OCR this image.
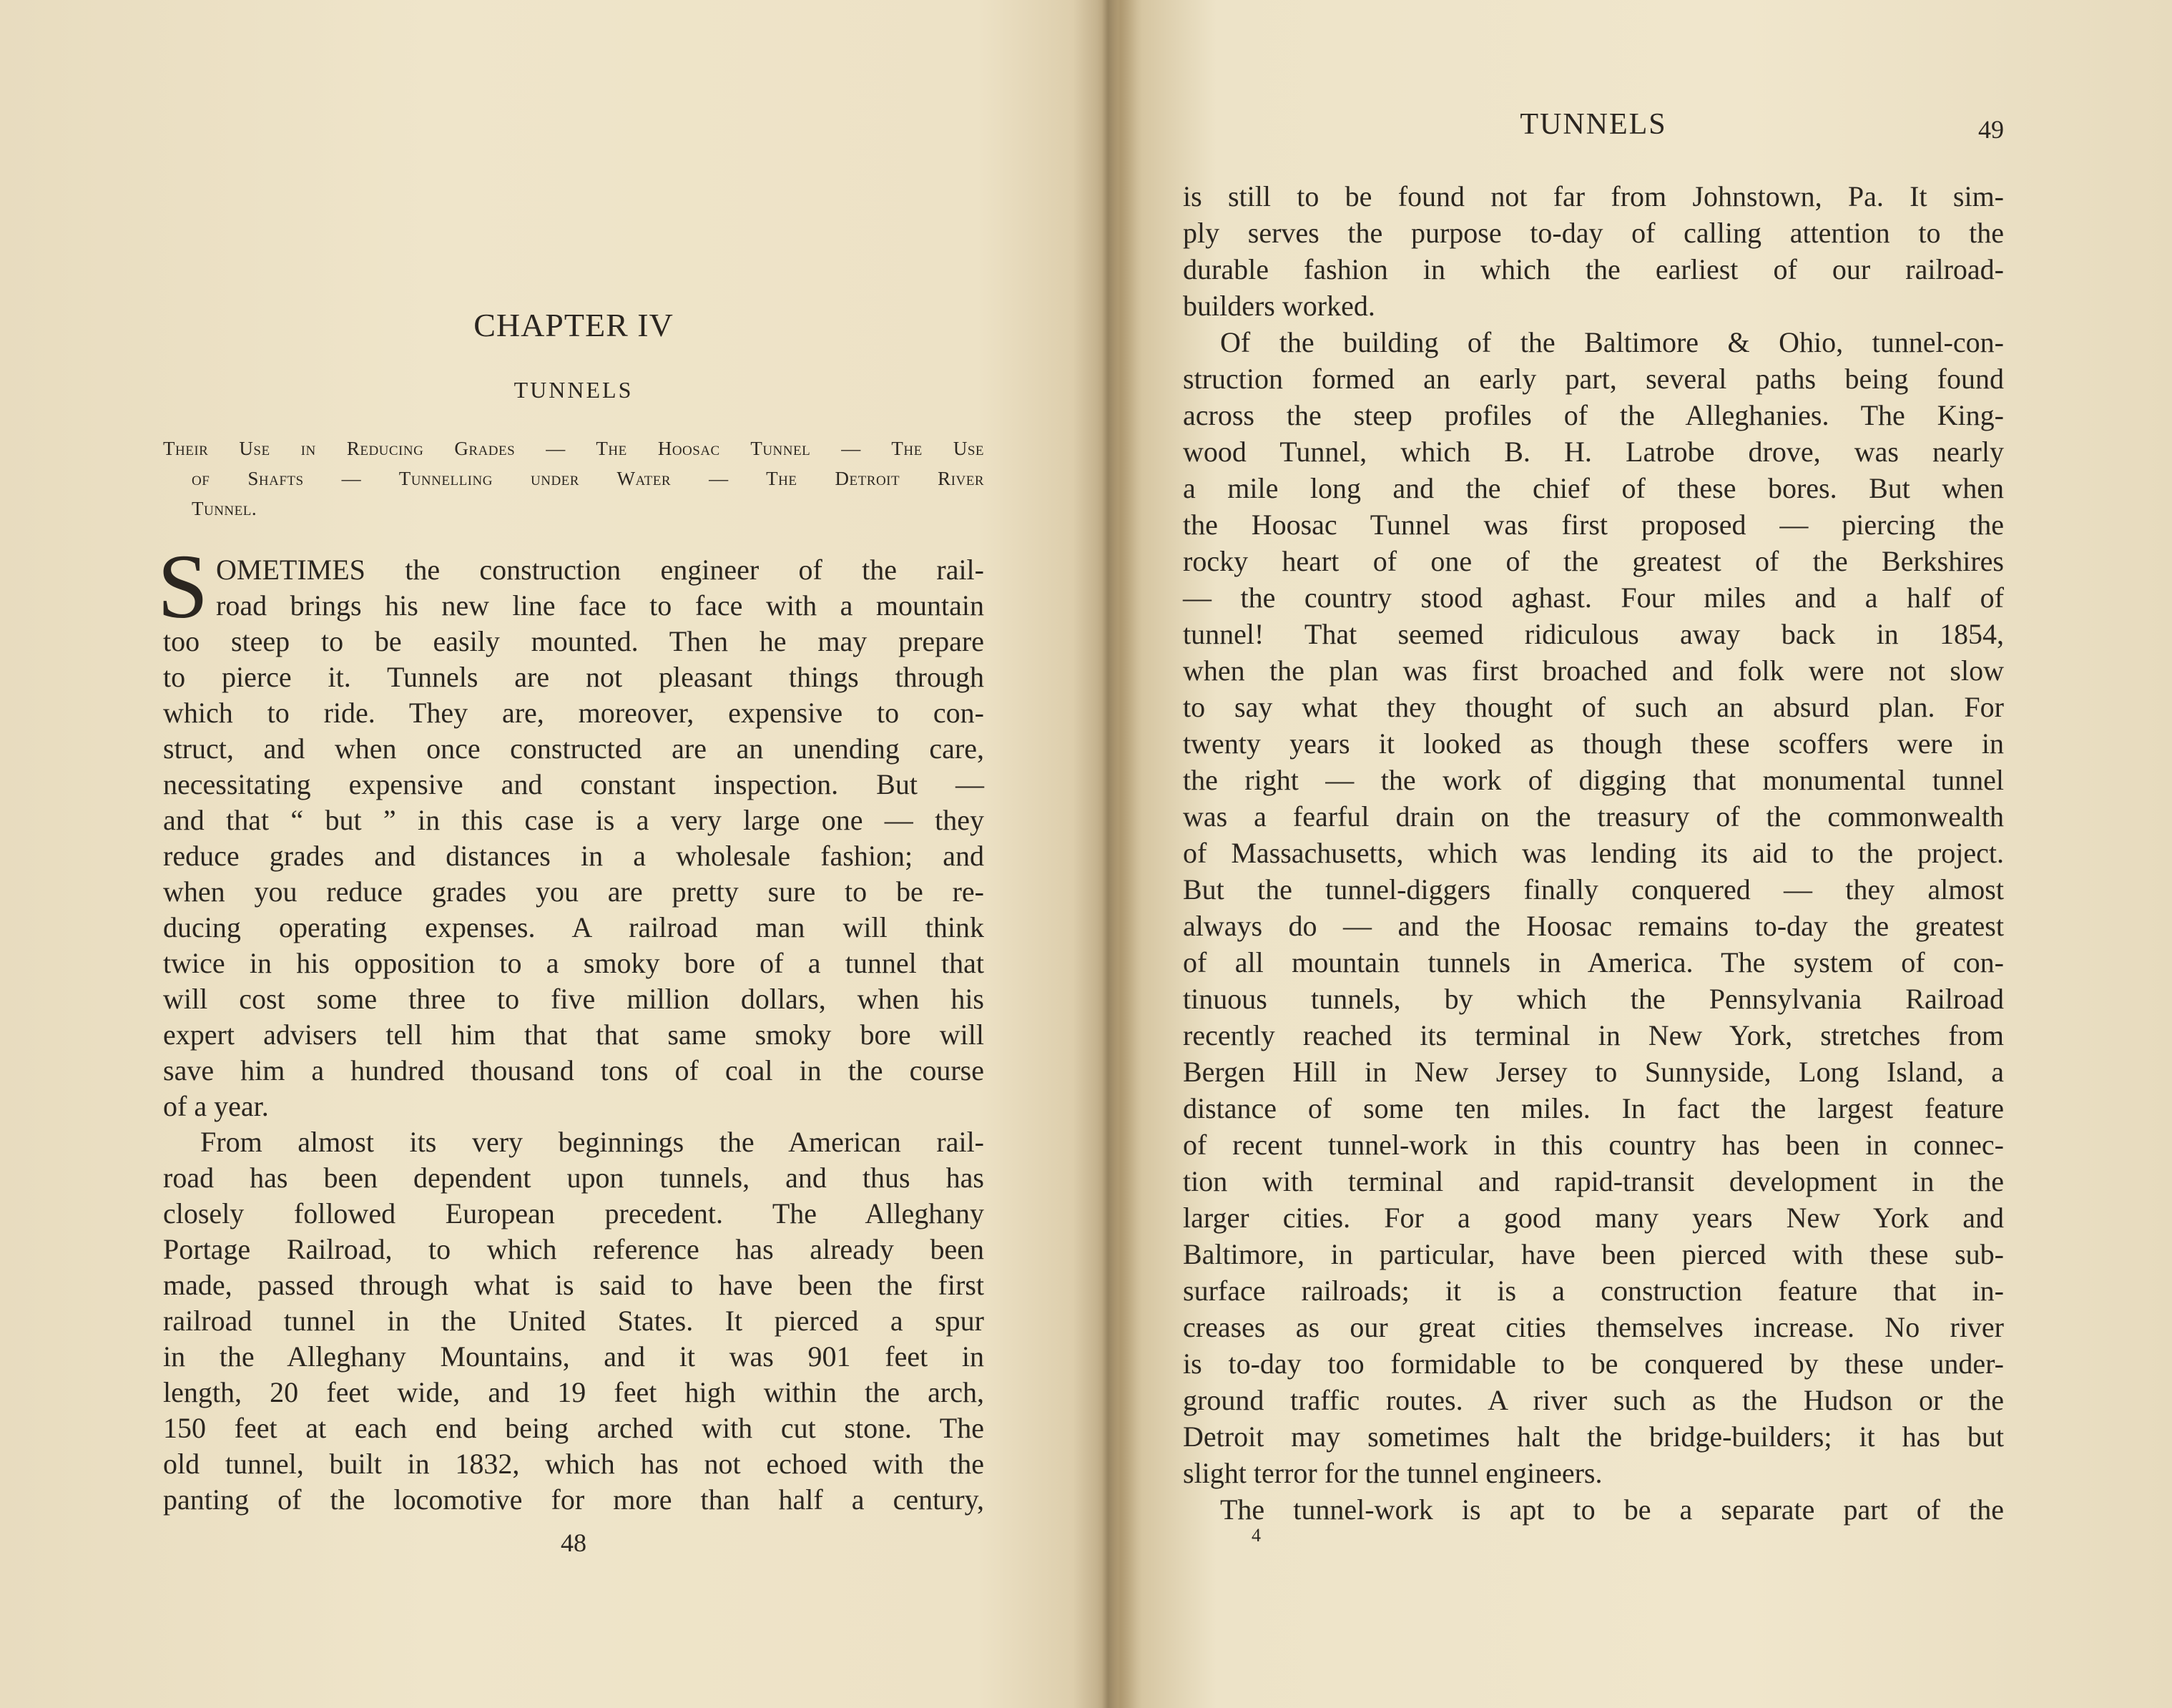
CHAPTER IV
TUNNELS
Their Use in Reducing Grades — The Hoosac Tunnel — The Use
of Shafts — Tunnelling under Water — The Detroit River
Tunnel.
S OMETIMES the construction engineer of the rail-
road brings his new line face to face with a mountain
too steep to be easily mounted. Then he may prepare
to pierce it. Tunnels are not pleasant things through
which to ride. They are, moreover, expensive to con-
struct, and when once constructed are an unending care,
necessitating expensive and constant inspection. But —
and that “ but ” in this case is a very large one — they
reduce grades and distances in a wholesale fashion; and
when you reduce grades you are pretty sure to be re-
ducing operating expenses. A railroad man will think
twice in his opposition to a smoky bore of a tunnel that
will cost some three to five million dollars, when his
expert advisers tell him that that same smoky bore will
save him a hundred thousand tons of coal in the course
of a year.
From almost its very beginnings the American rail-
road has been dependent upon tunnels, and thus has
closely followed European precedent. The Alleghany
Portage Railroad, to which reference has already been
made, passed through what is said to have been the first
railroad tunnel in the United States. It pierced a spur
in the Alleghany Mountains, and it was 901 feet in
length, 20 feet wide, and 19 feet high within the arch,
150 feet at each end being arched with cut stone. The
old tunnel, built in 1832, which has not echoed with the
panting of the locomotive for more than half a century,
48
TUNNELS	49
is still to be found not far from Johnstown, Pa. It sim-
ply serves the purpose to-day of calling attention to the
durable fashion in which the earliest of our railroad-
builders worked.
Of the building of the Baltimore & Ohio, tunnel-con-
struction formed an early part, several paths being found
across the steep profiles of the Alleghanies. The King-
wood Tunnel, which B. H. Latrobe drove, was nearly
a mile long and the chief of these bores. But when
the Hoosac Tunnel was first proposed — piercing the
rocky heart of one of the greatest of the Berkshires
— the country stood aghast. Four miles and a half of
tunnel! That seemed ridiculous away back in 1854,
when the plan was first broached and folk were not slow
to say what they thought of such an absurd plan. For
twenty years it looked as though these scoffers were in
the right — the work of digging that monumental tunnel
was a fearful drain on the treasury of the commonwealth
of Massachusetts, which was lending its aid to the project.
But the tunnel-diggers finally conquered — they almost
always do — and the Hoosac remains to-day the greatest
of all mountain tunnels in America. The system of con-
tinuous tunnels, by which the Pennsylvania Railroad
recently reached its terminal in New York, stretches from
Bergen Hill in New Jersey to Sunnyside, Long Island, a
distance of some ten miles. In fact the largest feature
of recent tunnel-work in this country has been in connec-
tion with terminal and rapid-transit development in the
larger cities. For a good many years New York and
Baltimore, in particular, have been pierced with these sub-
surface railroads; it is a construction feature that in-
creases as our great cities themselves increase. No river
is to-day too formidable to be conquered by these under-
ground traffic routes. A river such as the Hudson or the
Detroit may sometimes halt the bridge-builders; it has but
slight terror for the tunnel engineers.
The tunnel-work is apt to be a separate part of the
4
